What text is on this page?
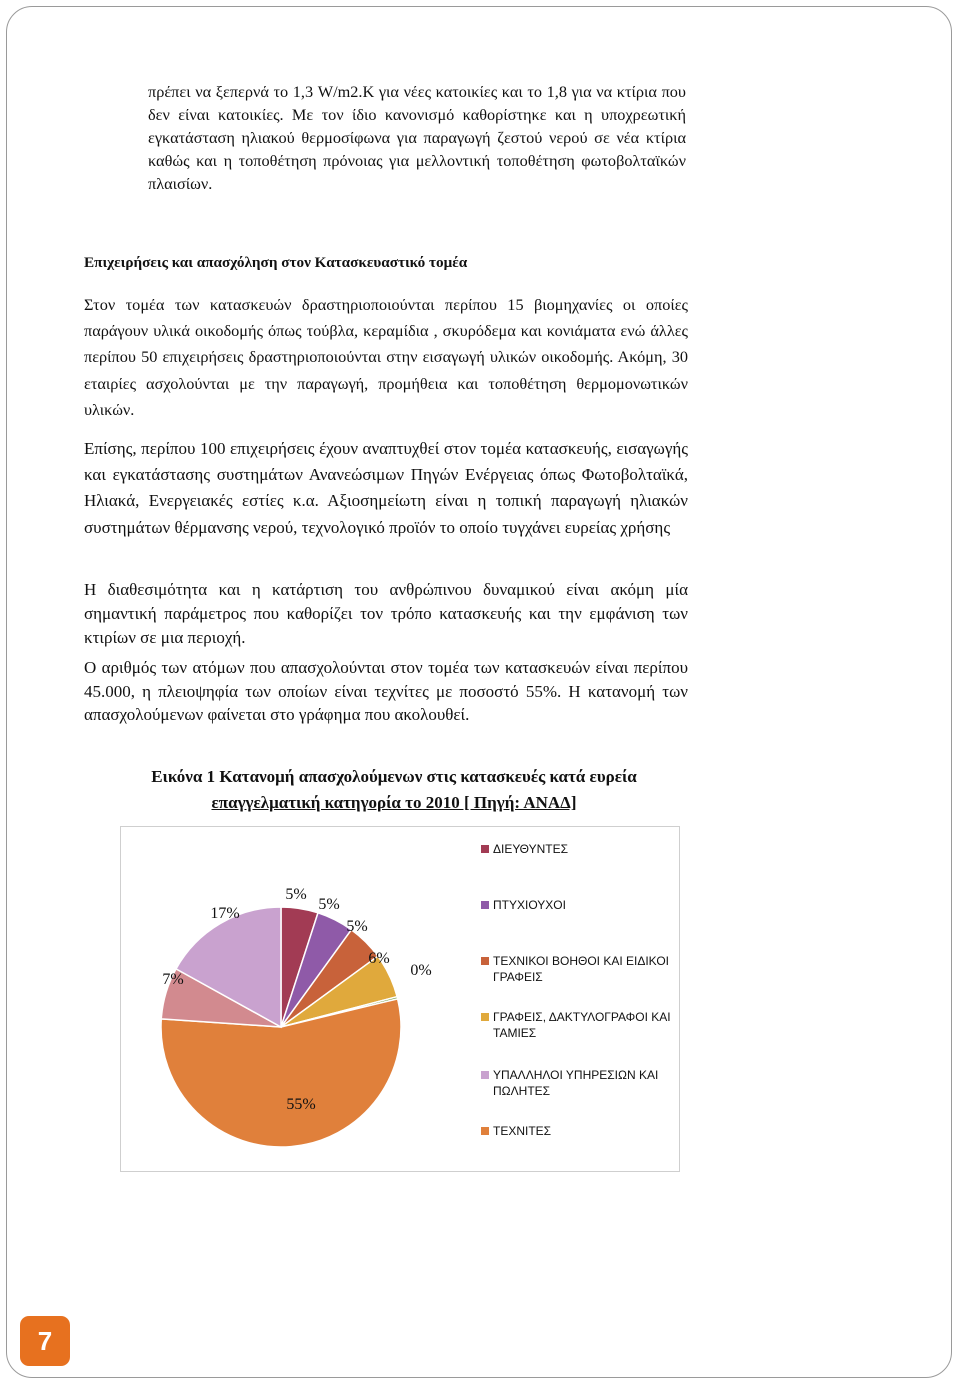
πρέπει να ξεπερνά το 1,3 W/m2.K για νέες κατοικίες και το 1,8 για να κτίρια που δεν είναι κατοικίες. Με τον ίδιο κανονισμό καθορίστηκε και η υποχρεωτική εγκατάσταση ηλιακού θερμοσίφωνα για παραγωγή ζεστού νερού σε νέα κτίρια καθώς και η τοποθέτηση πρόνοιας για μελλοντική τοποθέτηση φωτοβολταϊκών πλαισίων.

Επιχειρήσεις και απασχόληση στον Κατασκευαστικό τομέα

Στον τομέα των κατασκευών δραστηριοποιούνται περίπου 15 βιομηχανίες οι οποίες παράγουν υλικά οικοδομής όπως τούβλα, κεραμίδια , σκυρόδεμα και κονιάματα ενώ άλλες περίπου 50 επιχειρήσεις δραστηριοποιούνται στην εισαγωγή υλικών οικοδομής. Ακόμη, 30 εταιρίες ασχολούνται με την παραγωγή, προμήθεια και τοποθέτηση θερμομονωτικών υλικών.

Επίσης, περίπου 100 επιχειρήσεις έχουν αναπτυχθεί στον τομέα κατασκευής, εισαγωγής και εγκατάστασης συστημάτων Ανανεώσιμων Πηγών Ενέργειας όπως Φωτοβολταϊκά, Ηλιακά, Ενεργειακές εστίες κ.α. Αξιοσημείωτη είναι η τοπική παραγωγή ηλιακών συστημάτων θέρμανσης νερού, τεχνολογικό προϊόν το οποίο τυγχάνει ευρείας χρήσης

Η διαθεσιμότητα και η κατάρτιση του ανθρώπινου δυναμικού είναι ακόμη μία σημαντική παράμετρος που καθορίζει τον τρόπο κατασκευής και την εμφάνιση των κτιρίων σε μια περιοχή.

Ο αριθμός των ατόμων που απασχολούνται στον τομέα των κατασκευών είναι περίπου 45.000, η πλειοψηφία των οποίων είναι τεχνίτες με ποσοστό 55%. Η κατανομή των απασχολούμενων φαίνεται στο γράφημα που ακολουθεί.

Εικόνα 1 Κατανομή απασχολούμενων στις κατασκευές κατά ευρεία
επαγγελματική κατηγορία το 2010 [ Πηγή: ΑΝΑΔ]
5%
5%
5%
6%
0%
55%
7%
17%
ΔΙΕΥΘΥΝΤΕΣ
ΠΤΥΧΙΟΥΧΟΙ
ΤΕΧΝΙΚΟΙ ΒΟΗΘΟΙ ΚΑΙ ΕΙΔΙΚΟΙ ΓΡΑΦΕΙΣ
ΓΡΑΦΕΙΣ, ΔΑΚΤΥΛΟΓΡΑΦΟΙ ΚΑΙ ΤΑΜΙΕΣ
ΥΠΑΛΛΗΛΟΙ ΥΠΗΡΕΣΙΩΝ ΚΑΙ ΠΩΛΗΤΕΣ
ΤΕΧΝΙΤΕΣ
7
